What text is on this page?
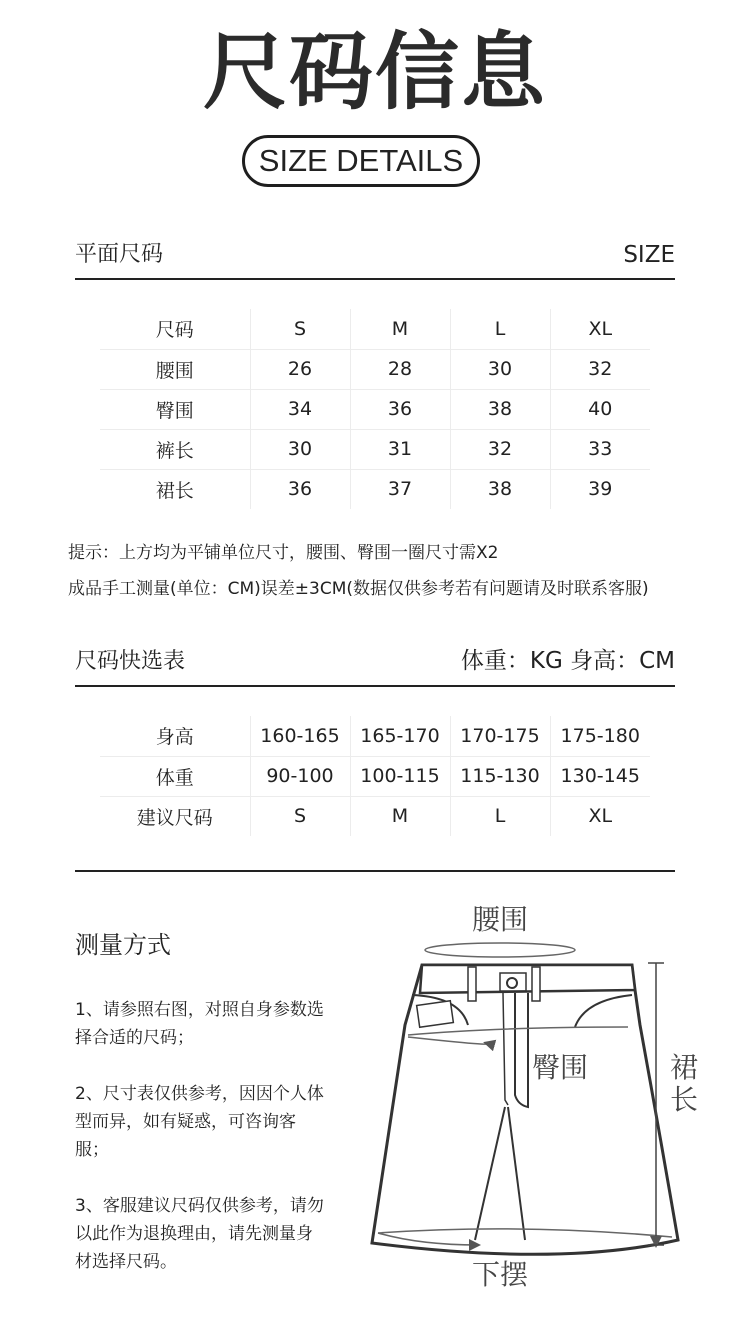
尺码信息
SIZE DETAILS
平面尺码	SIZE
尺码	S	M	L	XL
腰围	26	28	30	32
臀围	34	36	38	40
裤长	30	31	32	33
裙长	36	37	38	39
提示：上方均为平铺单位尺寸，腰围、臀围一圈尺寸需X2
成品手工测量(单位：CM)误差±3CM(数据仅供参考若有问题请及时联系客服)
尺码快选表	体重：KG 身高：CM
身高	160-165	165-170	170-175	175-180
体重	90-100	100-115	115-130	130-145
建议尺码	S	M	L	XL
测量方式
1、请参照右图，对照自身参数选择合适的尺码；
2、尺寸表仅供参考，因因个人体型而异，如有疑惑，可咨询客服；
3、客服建议尺码仅供参考，请勿以此作为退换理由，请先测量身材选择尺码。
腰围
臀围	裙
长
下摆
